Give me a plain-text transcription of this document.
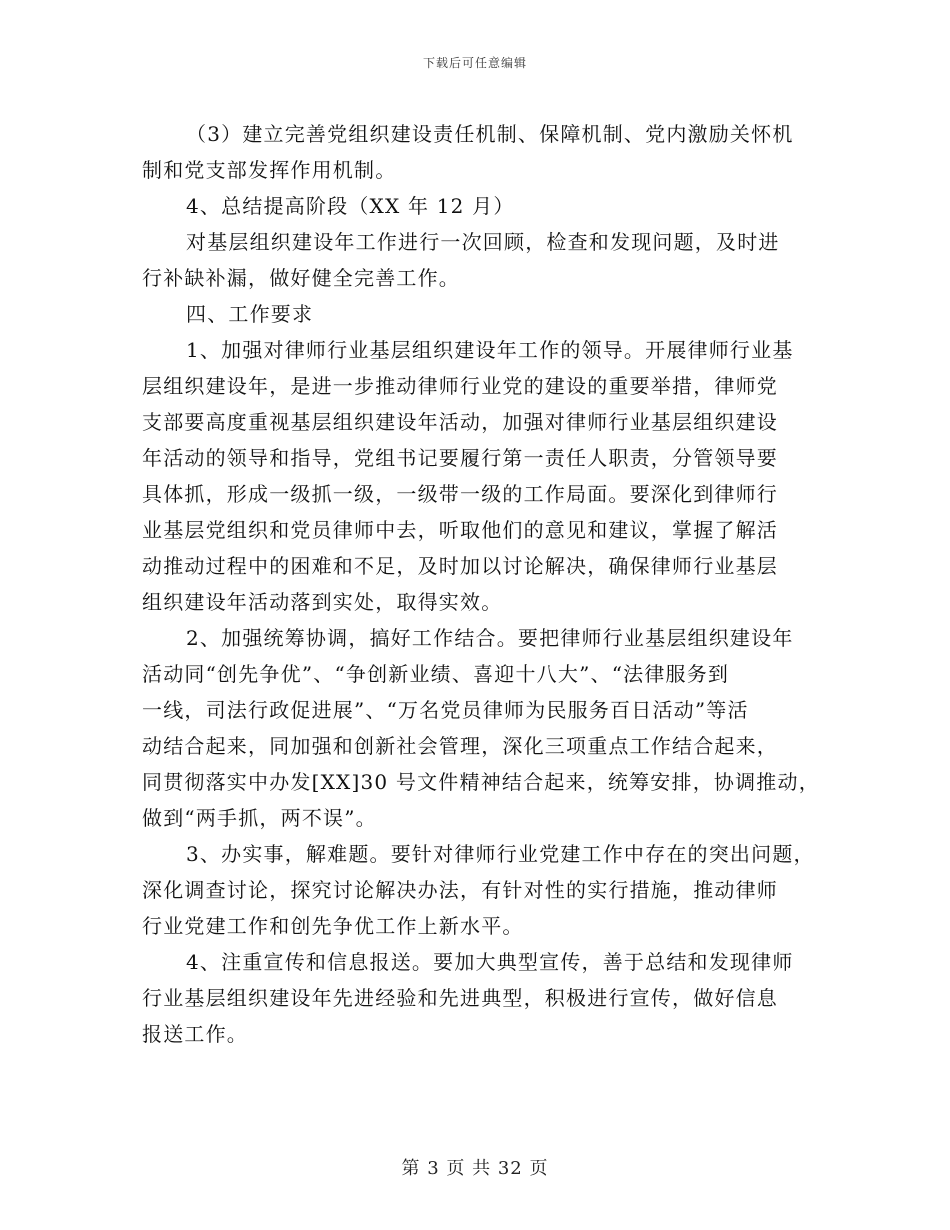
下载后可任意编辑
（3）建立完善党组织建设责任机制、保障机制、党内激励关怀机
制和党支部发挥作用机制。
4、总结提高阶段（XX 年 12 月）
对基层组织建设年工作进行一次回顾，检查和发现问题，及时进
行补缺补漏，做好健全完善工作。
四、工作要求
1、加强对律师行业基层组织建设年工作的领导。开展律师行业基
层组织建设年，是进一步推动律师行业党的建设的重要举措，律师党
支部要高度重视基层组织建设年活动，加强对律师行业基层组织建设
年活动的领导和指导，党组书记要履行第一责任人职责，分管领导要
具体抓，形成一级抓一级，一级带一级的工作局面。要深化到律师行
业基层党组织和党员律师中去，听取他们的意见和建议，掌握了解活
动推动过程中的困难和不足，及时加以讨论解决，确保律师行业基层
组织建设年活动落到实处，取得实效。
2、加强统筹协调，搞好工作结合。要把律师行业基层组织建设年
活动同“创先争优”、“争创新业绩、喜迎十八大”、“法律服务到
一线，司法行政促进展”、“万名党员律师为民服务百日活动”等活
动结合起来，同加强和创新社会管理，深化三项重点工作结合起来，
同贯彻落实中办发[XX]30 号文件精神结合起来，统筹安排，协调推动，
做到“两手抓，两不误”。
3、办实事，解难题。要针对律师行业党建工作中存在的突出问题，
深化调查讨论，探究讨论解决办法，有针对性的实行措施，推动律师
行业党建工作和创先争优工作上新水平。
4、注重宣传和信息报送。要加大典型宣传，善于总结和发现律师
行业基层组织建设年先进经验和先进典型，积极进行宣传，做好信息
报送工作。
第 3 页 共 32 页
